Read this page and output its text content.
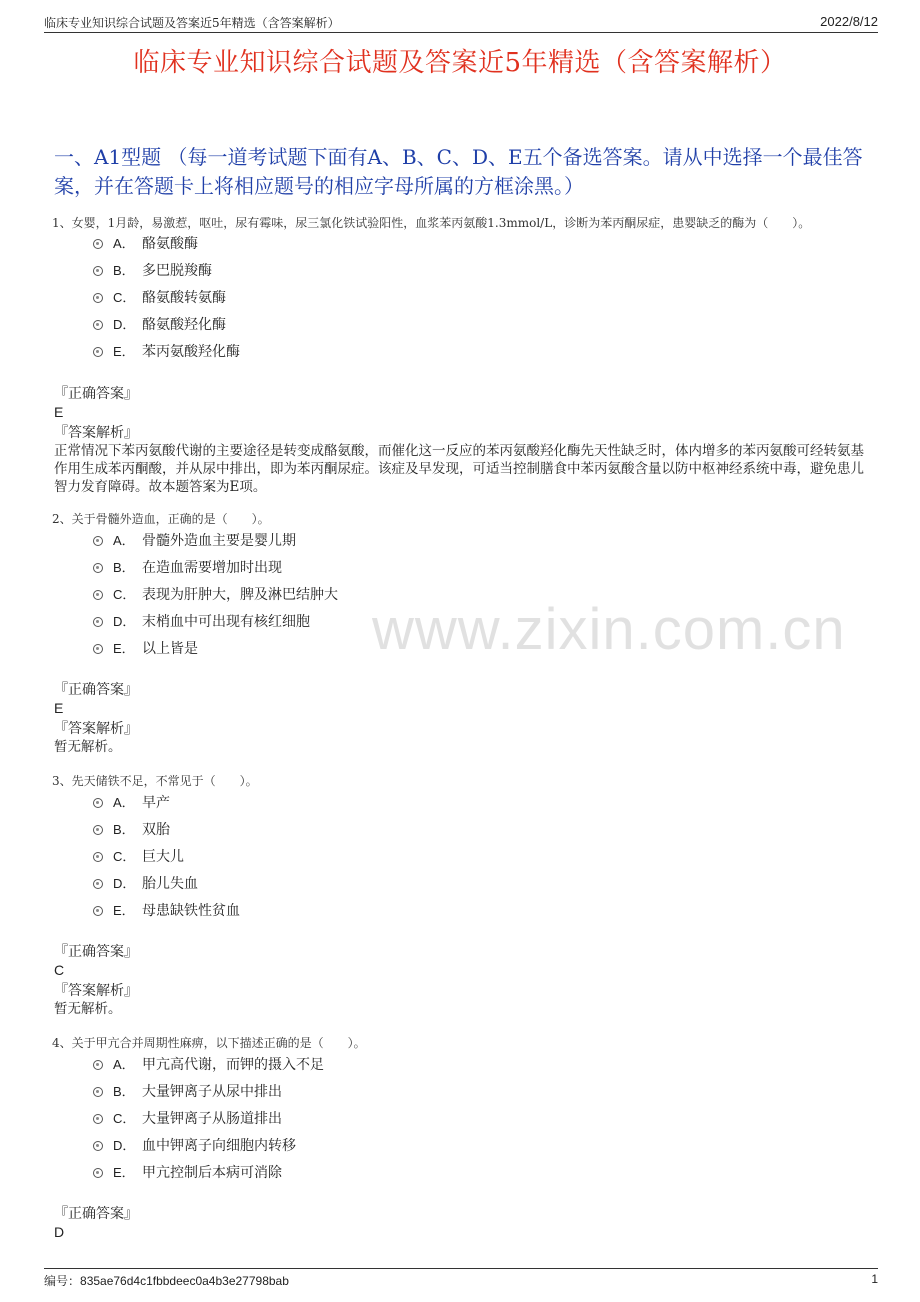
临床专业知识综合试题及答案近5年精选（含答案解析）	2022/8/12
临床专业知识综合试题及答案近5年精选（含答案解析）
一、A1型题 （每一道考试题下面有A、B、C、D、E五个备选答案。请从中选择一个最佳答案，并在答题卡上将相应题号的相应字母所属的方框涂黑。）
www.zixin.com.cn
1、女婴，1月龄，易激惹，呕吐，尿有霉味，尿三氯化铁试验阳性，血浆苯丙氨酸1.3mmol/L，诊断为苯丙酮尿症，患婴缺乏的酶为（　　）。
A． 酪氨酸酶
B． 多巴脱羧酶
C． 酪氨酸转氨酶
D． 酪氨酸羟化酶
E． 苯丙氨酸羟化酶
『正确答案』
E
『答案解析』
正常情况下苯丙氨酸代谢的主要途径是转变成酪氨酸，而催化这一反应的苯丙氨酸羟化酶先天性缺乏时，体内增多的苯丙氨酸可经转氨基作用生成苯丙酮酸，并从尿中排出，即为苯丙酮尿症。该症及早发现，可适当控制膳食中苯丙氨酸含量以防中枢神经系统中毒，避免患儿智力发育障碍。故本题答案为E项。
2、关于骨髓外造血，正确的是（　　）。
A． 骨髓外造血主要是婴儿期
B． 在造血需要增加时出现
C． 表现为肝肿大，脾及淋巴结肿大
D． 末梢血中可出现有核红细胞
E． 以上皆是
『正确答案』
E
『答案解析』
暂无解析。
3、先天储铁不足，不常见于（　　）。
A． 早产
B． 双胎
C． 巨大儿
D． 胎儿失血
E． 母患缺铁性贫血
『正确答案』
C
『答案解析』
暂无解析。
4、关于甲亢合并周期性麻痹，以下描述正确的是（　　）。
A． 甲亢高代谢，而钾的摄入不足
B． 大量钾离子从尿中排出
C． 大量钾离子从肠道排出
D． 血中钾离子向细胞内转移
E． 甲亢控制后本病可消除
『正确答案』
D
编号：835ae76d4c1fbbdeec0a4b3e27798bab	1
